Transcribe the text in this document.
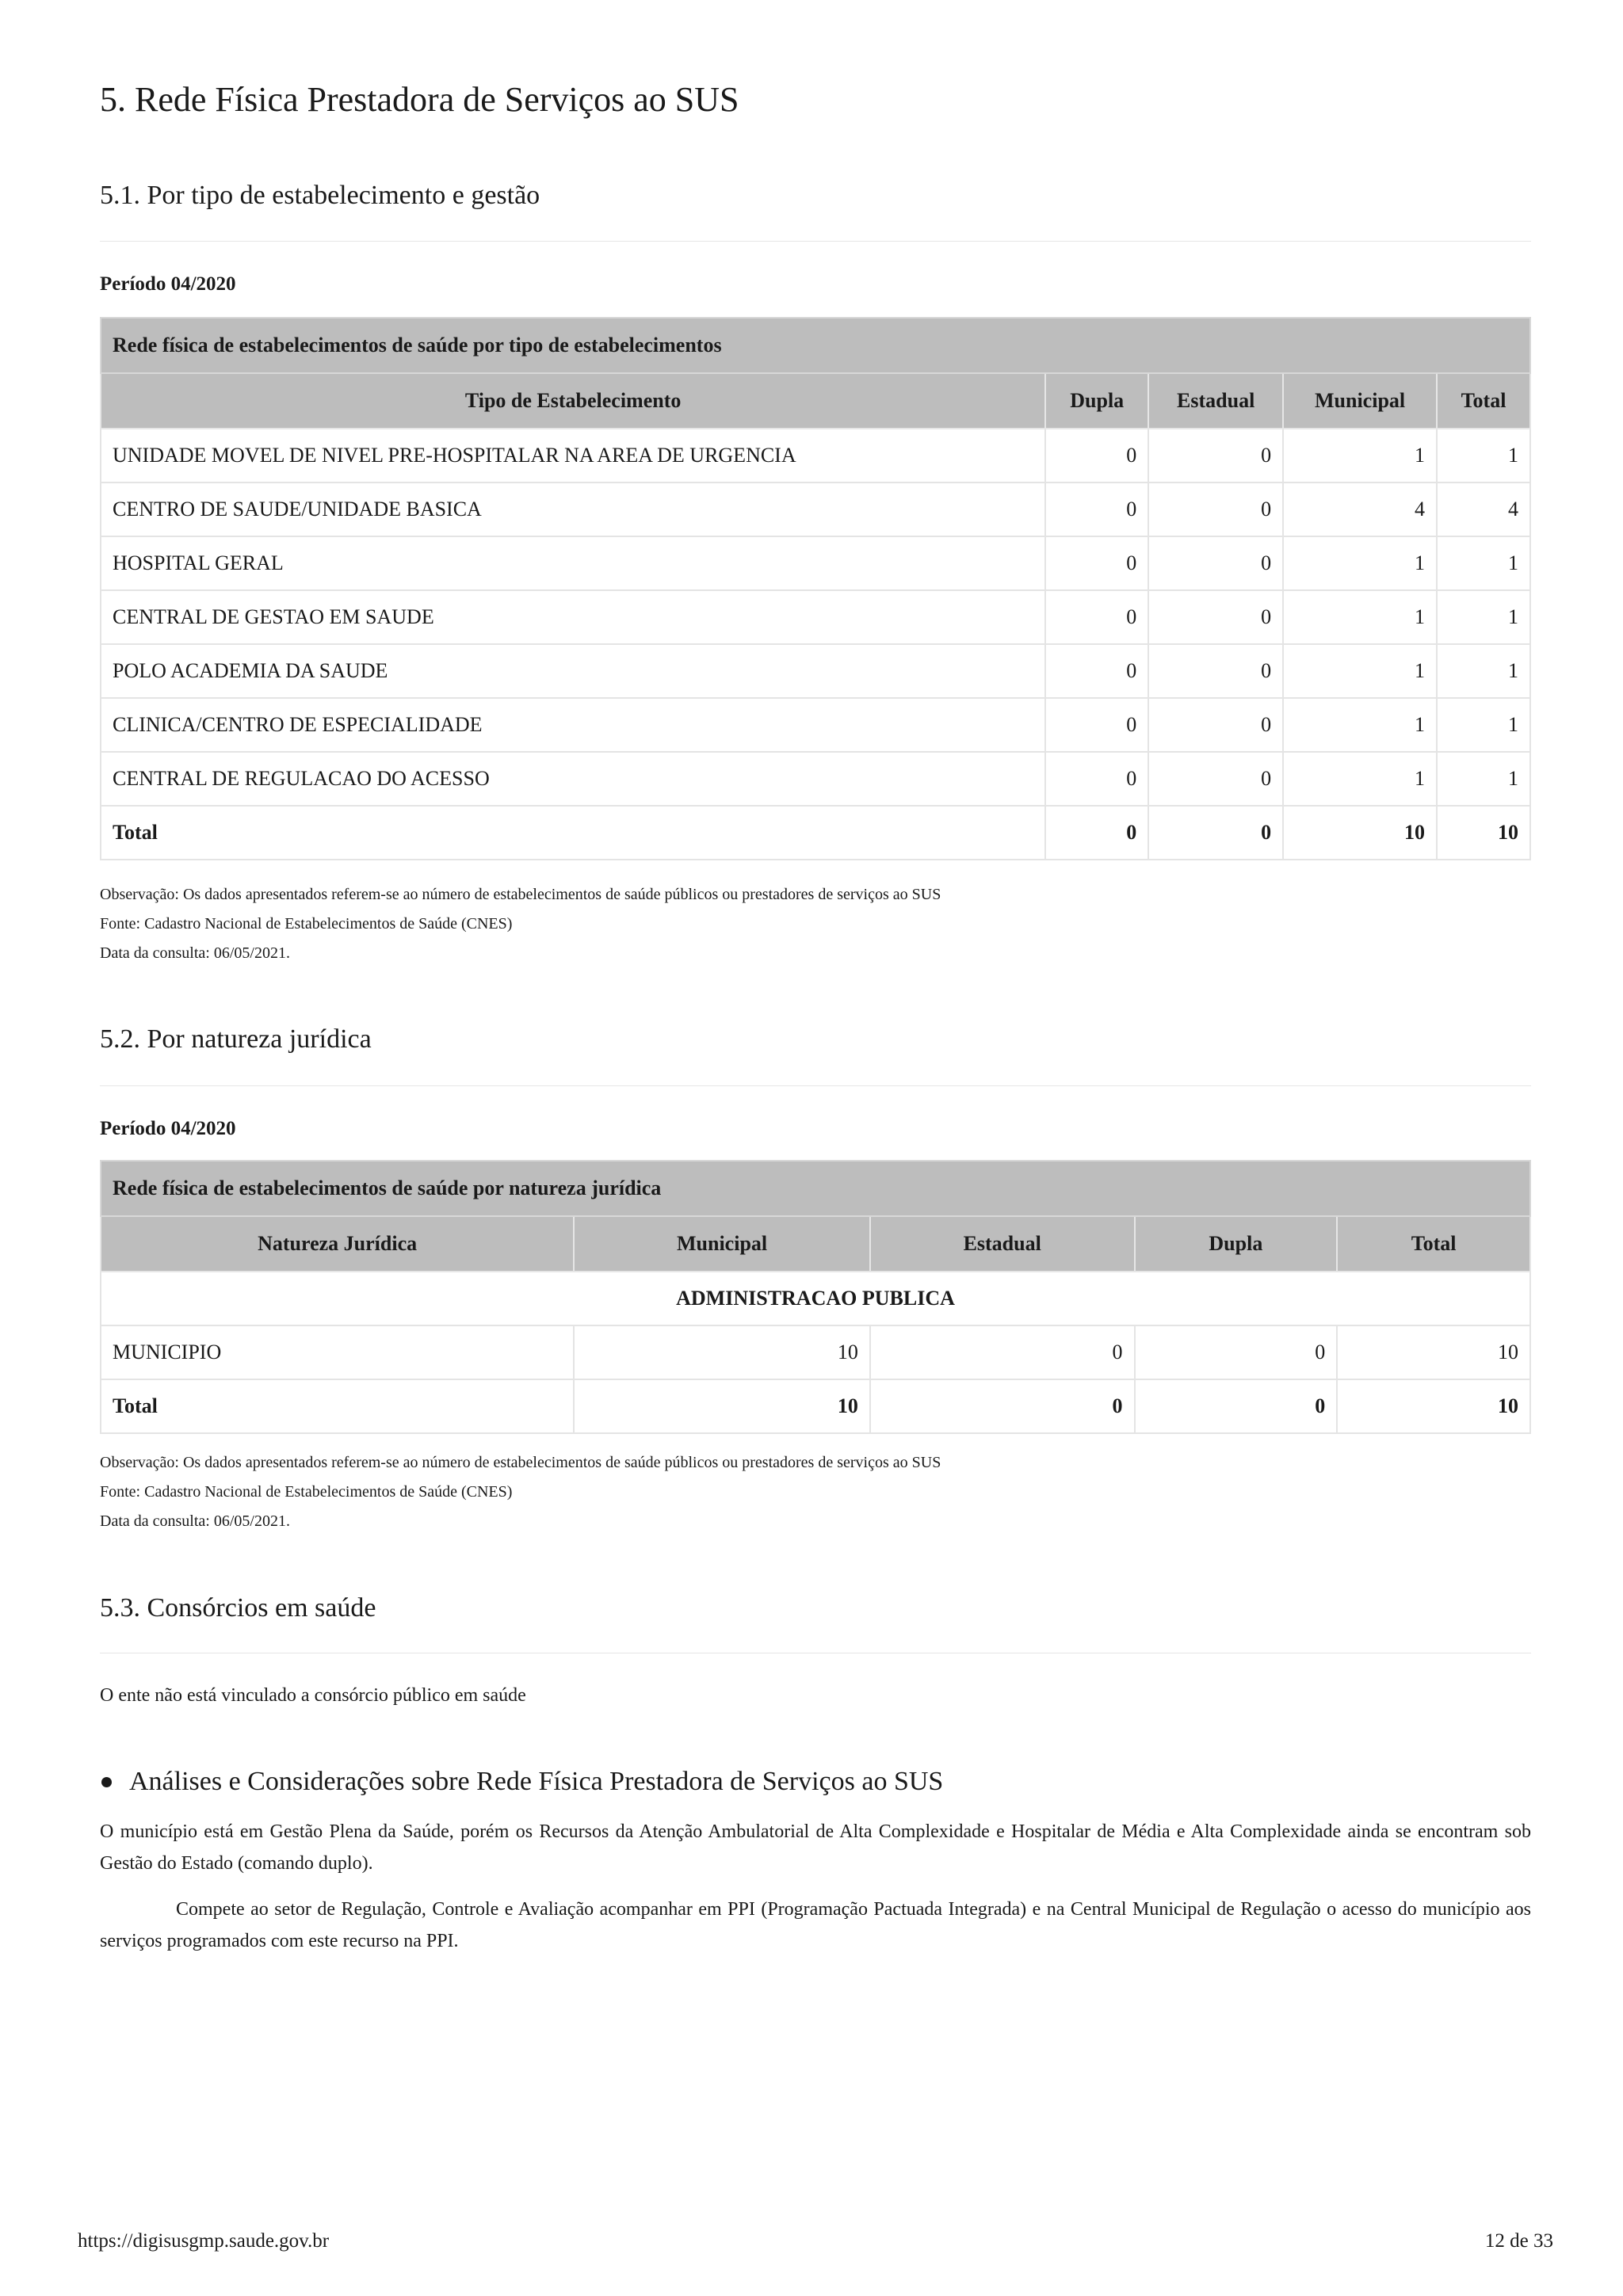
5. Rede Física Prestadora de Serviços ao SUS
5.1. Por tipo de estabelecimento e gestão
Período 04/2020
Rede física de estabelecimentos de saúde por tipo de estabelecimentos				
Tipo de Estabelecimento	Dupla	Estadual	Municipal	Total
UNIDADE MOVEL DE NIVEL PRE-HOSPITALAR NA AREA DE URGENCIA	0	0	1	1
CENTRO DE SAUDE/UNIDADE BASICA	0	0	4	4
HOSPITAL GERAL	0	0	1	1
CENTRAL DE GESTAO EM SAUDE	0	0	1	1
POLO ACADEMIA DA SAUDE	0	0	1	1
CLINICA/CENTRO DE ESPECIALIDADE	0	0	1	1
CENTRAL DE REGULACAO DO ACESSO	0	0	1	1
Total	0	0	10	10
Observação: Os dados apresentados referem-se ao número de estabelecimentos de saúde públicos ou prestadores de serviços ao SUS
Fonte: Cadastro Nacional de Estabelecimentos de Saúde (CNES)
Data da consulta: 06/05/2021.
5.2. Por natureza jurídica
Período 04/2020
Rede física de estabelecimentos de saúde por natureza jurídica				
Natureza Jurídica	Municipal	Estadual	Dupla	Total
ADMINISTRACAO PUBLICA				
MUNICIPIO	10	0	0	10
Total	10	0	0	10
Observação: Os dados apresentados referem-se ao número de estabelecimentos de saúde públicos ou prestadores de serviços ao SUS
Fonte: Cadastro Nacional de Estabelecimentos de Saúde (CNES)
Data da consulta: 06/05/2021.
5.3. Consórcios em saúde
O ente não está vinculado a consórcio público em saúde
Análises e Considerações sobre Rede Física Prestadora de Serviços ao SUS
O município está em Gestão Plena da Saúde, porém os Recursos da Atenção Ambulatorial de Alta Complexidade e Hospitalar de Média e Alta Complexidade ainda se encontram sob Gestão do Estado (comando duplo).
Compete ao setor de Regulação, Controle e Avaliação acompanhar em PPI (Programação Pactuada Integrada) e na Central Municipal de Regulação o acesso do município aos serviços programados com este recurso na PPI.
https://digisusgmp.saude.gov.br	12 de 33
